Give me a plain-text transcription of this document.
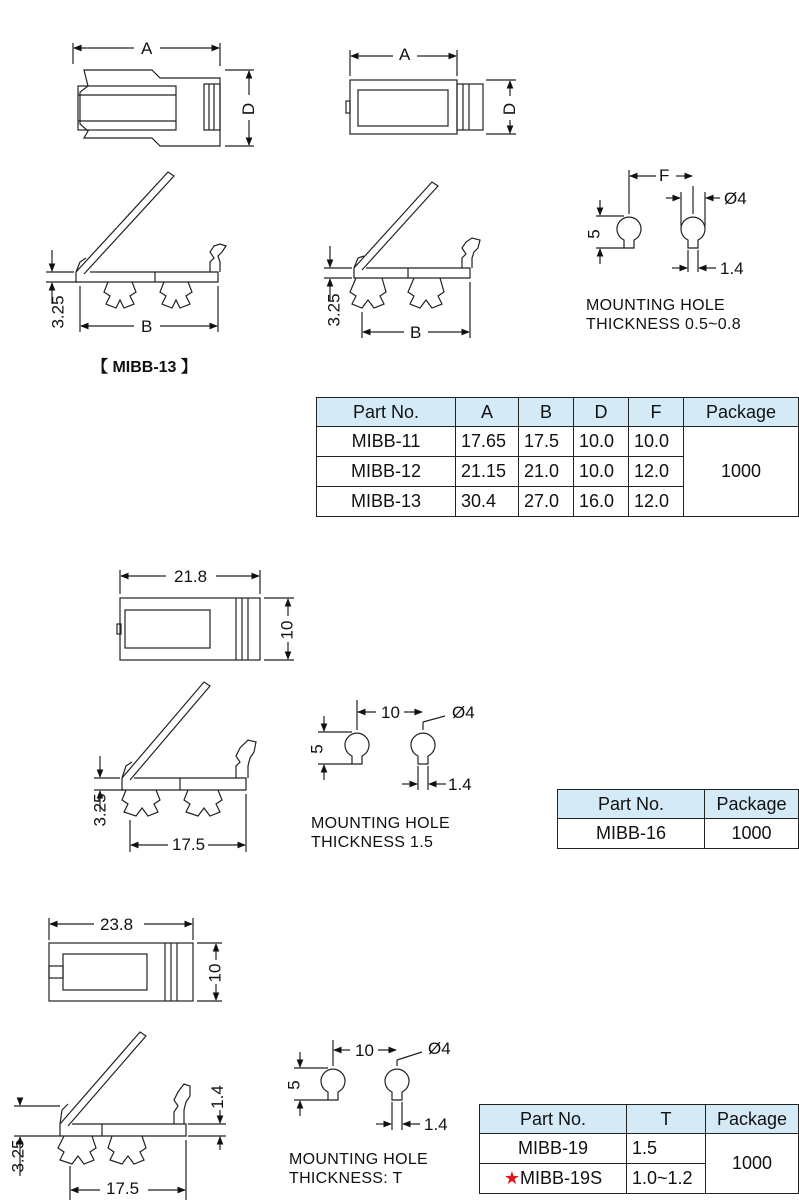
A
D
3.25	B
【 MIBB-13 】
A
D
3.25
B
F
Ø4
5
1.4
MOUNTING HOLE
THICKNESS 0.5~0.8
21.8
10
3.25
17.5
10	Ø4
5
1.4
MOUNTING HOLE
THICKNESS 1.5
23.8
10
1.4
3.25
17.5
10	Ø4
5
1.4
MOUNTING HOLE
THICKNESS: T
Part No.	A	B	D	F	Package
MIBB-11	17.65	17.5	10.0	10.0	1000
MIBB-12	21.15	21.0	10.0	12.0	
MIBB-13	30.4	27.0	16.0	12.0	
Part No.	Package
MIBB-16	1000
Part No.	T	Package
MIBB-19	1.5	1000
★MIBB-19S	1.0~1.2	
